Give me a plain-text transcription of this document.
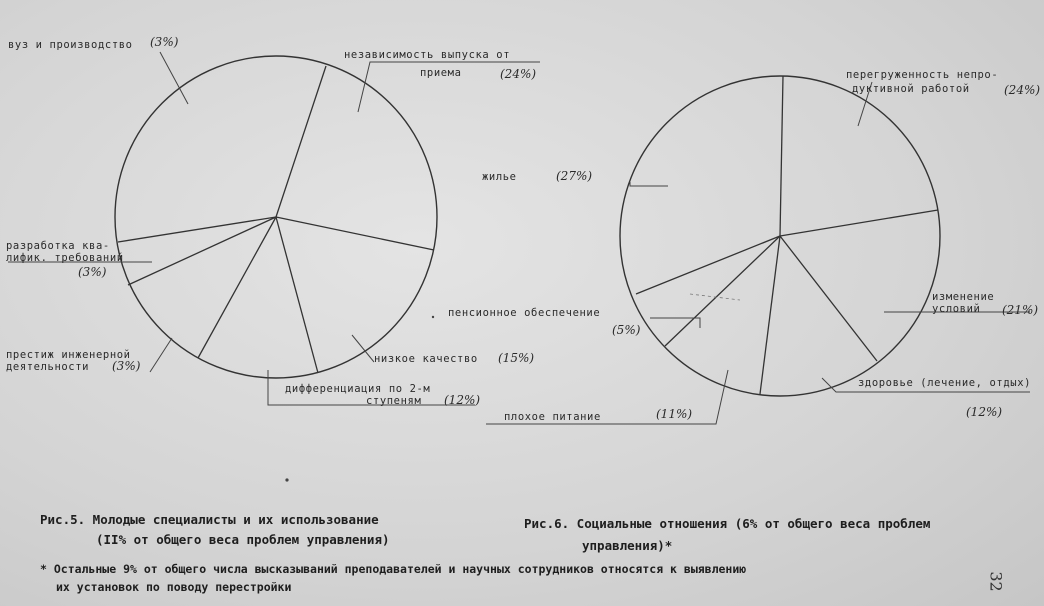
вуз и производство (3%)
независимость выпуска от
приема	(24%)
разработка ква-
лифик. требований
(3%)
престиж инженерной
деятельности (3%)	низкое качество (15%)
дифференциация по 2-м
ступеням (12%)
перегруженность непро-
дуктивной работой	(24%)
жилье	(27%)
пенсионное обеспечение
(5%)
изменение
условий (21%)
здоровье (лечение, отдых)
(12%)
плохое питание	(11%)
Рис.5. Молодые специалисты и их использование
(II% от общего веса проблем управления)
Рис.6. Социальные отношения (6% от общего веса проблем
управления)*
* Остальные 9% от общего числа высказываний преподавателей и научных сотрудников относятся к выявлению
их установок по поводу перестройки	32
